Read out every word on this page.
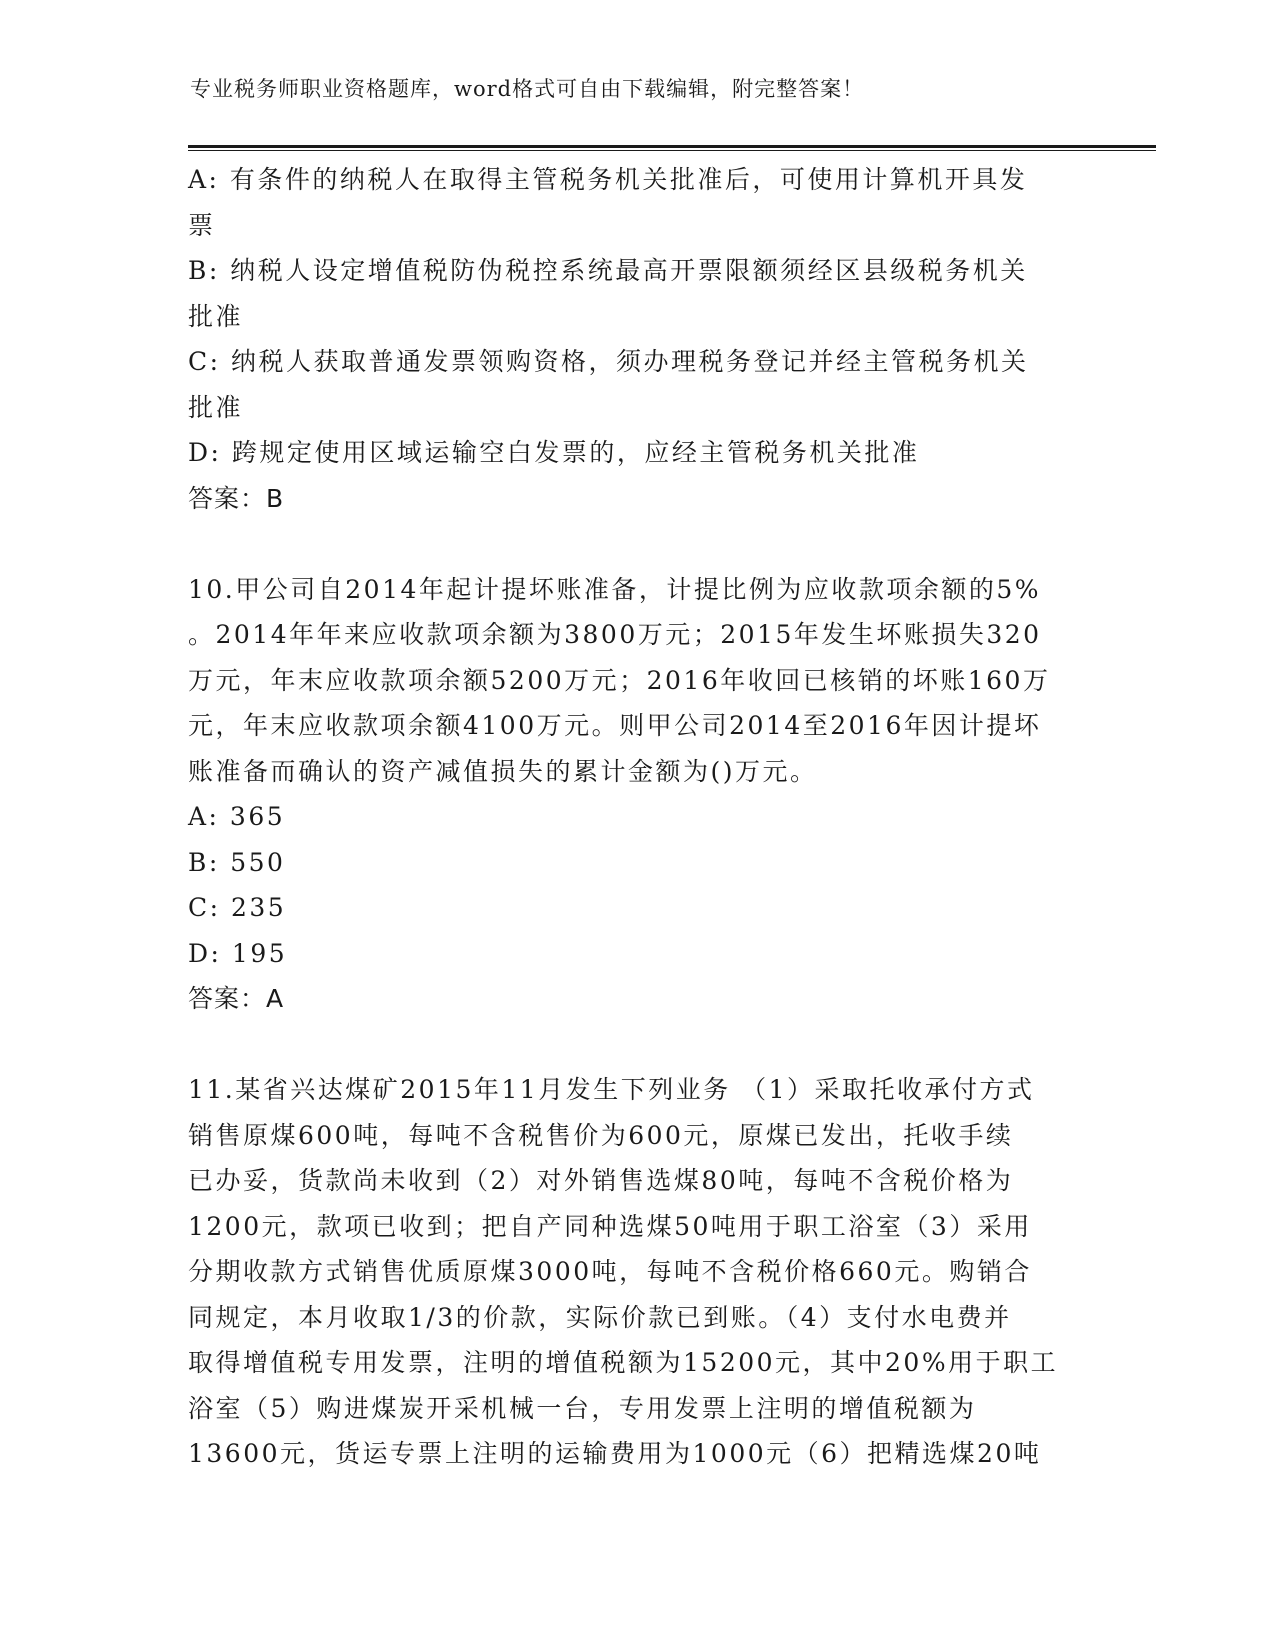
专业税务师职业资格题库，word格式可自由下载编辑，附完整答案！
A: 有条件的纳税人在取得主管税务机关批准后，可使用计算机开具发
票
B: 纳税人设定增值税防伪税控系统最高开票限额须经区县级税务机关
批准
C: 纳税人获取普通发票领购资格，须办理税务登记并经主管税务机关
批准
D: 跨规定使用区域运输空白发票的，应经主管税务机关批准
答案：B
10.甲公司自2014年起计提坏账准备，计提比例为应收款项余额的5%
。2014年年来应收款项余额为3800万元；2015年发生坏账损失320
万元，年末应收款项余额5200万元；2016年收回已核销的坏账160万
元，年末应收款项余额4100万元。则甲公司2014至2016年因计提坏
账准备而确认的资产减值损失的累计金额为()万元。
A: 365
B: 550
C: 235
D: 195
答案：A
11.某省兴达煤矿2015年11月发生下列业务 （1）采取托收承付方式
销售原煤600吨，每吨不含税售价为600元，原煤已发出，托收手续
已办妥，货款尚未收到（2）对外销售选煤80吨，每吨不含税价格为
1200元，款项已收到；把自产同种选煤50吨用于职工浴室（3）采用
分期收款方式销售优质原煤3000吨，每吨不含税价格660元。购销合
同规定，本月收取1/3的价款，实际价款已到账。（4）支付水电费并
取得增值税专用发票，注明的增值税额为15200元，其中20%用于职工
浴室（5）购进煤炭开采机械一台，专用发票上注明的增值税额为
13600元，货运专票上注明的运输费用为1000元（6）把精选煤20吨
